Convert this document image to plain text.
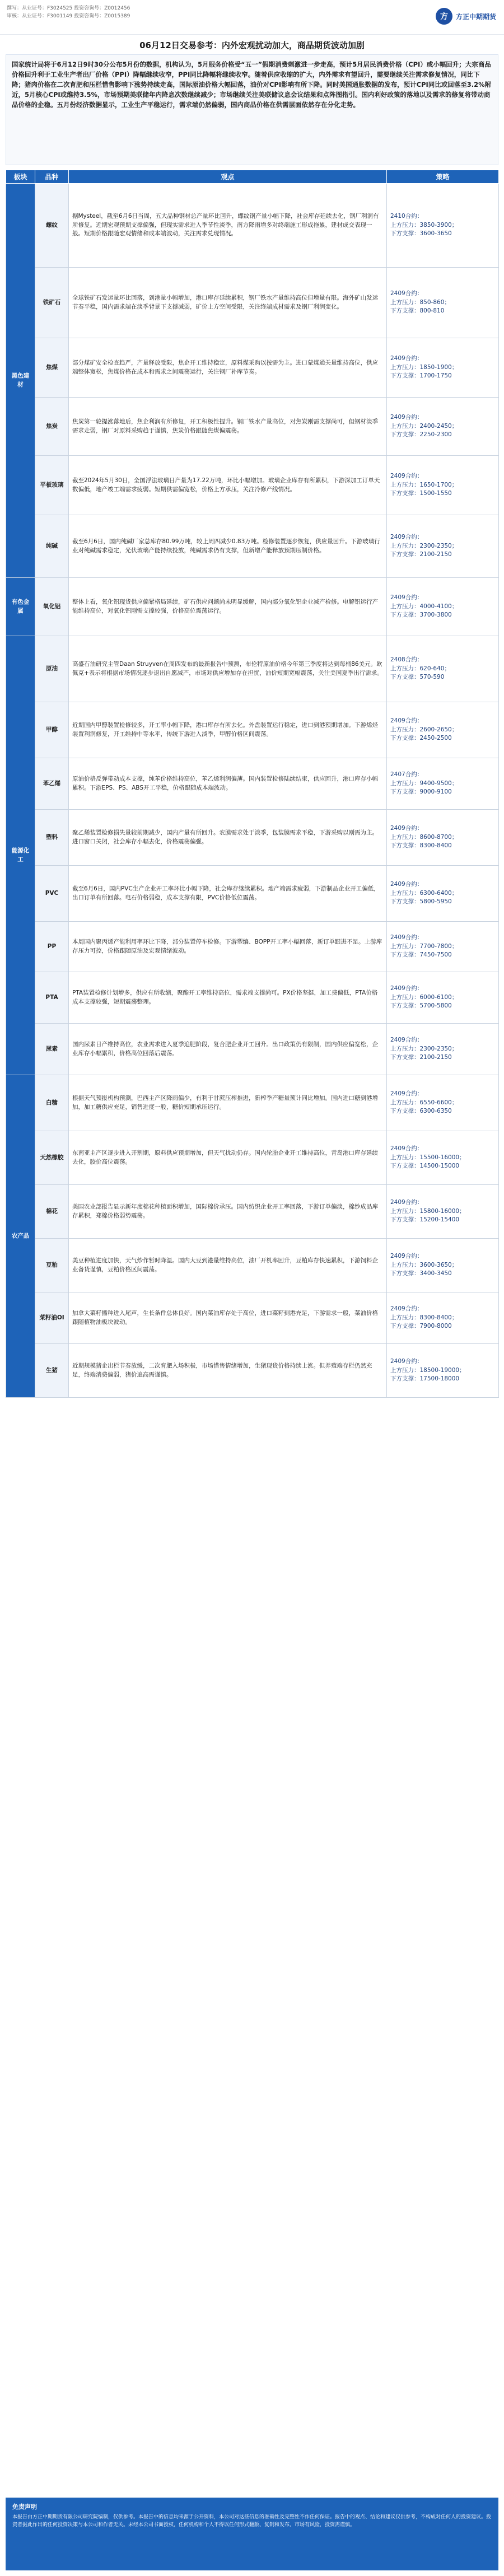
撰写：从业证号：F3024525 投资咨询号：Z0012456
审核：从业证号：F3001149 投资咨询号：Z0015389	方	方正中期期货
06月12日交易参考：内外宏观扰动加大，商品期货波动加剧
国家统计局将于6月12日9时30分公布5月份的数据，机构认为，5月服务价格受“五一”假期消费刺激进一步走高，预计5月居民消费价格（CPI）或小幅回升；大宗商品价格回升利于工业生产者出厂价格（PPI）降幅继续收窄，PPI同比降幅将继续收窄。随着供应收缩的扩大，内外需求有望回升，需要继续关注需求修复情况，同比下降；猪肉价格在二次育肥和压栏惜售影响下涨势持续走高，国际原油价格大幅回落，油价对CPI影响有所下降。同时美国通胀数据的发布，预计CPI同比或回落至3.2%附近，5月核心CPI或维持3.5%，市场预期美联储年内降息次数继续减少；市场继续关注美联储议息会议结果和点阵图指引。国内利好政策的落地以及需求的修复将带动商品价格的企稳。五月份经济数据显示，工业生产平稳运行，需求端仍然偏弱，国内商品价格在供需层面依然存在分化走势。
板块	品种	观点	策略
黑色建材	螺纹	据Mysteel，截至6月6日当周，五大品种钢材总产量环比回升，螺纹钢产量小幅下降，社会库存延续去化，钢厂利润有所修复。近期宏观预期支撑偏强，但现实需求进入季节性淡季，南方降雨增多对终端施工形成拖累，建材成交表现一般。短期价格跟随宏观情绪和成本端波动，关注需求兑现情况。	2410合约：
上方压力：3850-3900；
下方支撑：3600-3650
	铁矿石	全球铁矿石发运量环比回落，到港量小幅增加，港口库存延续累积，钢厂铁水产量维持高位但增量有限。海外矿山发运节奏平稳，国内需求端在淡季背景下支撑减弱，矿价上方空间受限，关注终端成材需求及钢厂利润变化。	2409合约：
上方压力：850-860；
下方支撑：800-810
	焦煤	部分煤矿安全检查趋严，产量释放受限，焦企开工维持稳定，原料煤采购以按需为主。进口蒙煤通关量维持高位，供应端整体宽松，焦煤价格在成本和需求之间震荡运行，关注钢厂补库节奏。	2409合约：
上方压力：1850-1900；
下方支撑：1700-1750
	焦炭	焦炭第一轮提涨落地后，焦企利润有所修复，开工积极性提升。钢厂铁水产量高位，对焦炭刚需支撑尚可，但钢材淡季需求走弱，钢厂对原料采购趋于谨慎，焦炭价格跟随焦煤偏震荡。	2409合约：
上方压力：2400-2450；
下方支撑：2250-2300
	平板玻璃	截至2024年5月30日，全国浮法玻璃日产量为17.22万吨，环比小幅增加。玻璃企业库存有所累积，下游深加工订单天数偏低，地产竣工端需求疲弱。短期供需偏宽松，价格上方承压，关注冷修产线情况。	2409合约：
上方压力：1650-1700；
下方支撑：1500-1550
	纯碱	截至6月6日，国内纯碱厂家总库存80.99万吨，较上周四减少0.83万吨。检修装置逐步恢复，供应量回升。下游玻璃行业对纯碱需求稳定，光伏玻璃产能持续投放，纯碱需求仍有支撑，但新增产能释放预期压制价格。	2409合约：
上方压力：2300-2350；
下方支撑：2100-2150
有色金属	氧化铝	整体上看，氧化铝现货供应偏紧格局延续，矿石供应问题尚未明显缓解，国内部分氧化铝企业减产检修。电解铝运行产能维持高位，对氧化铝刚需支撑较强，价格高位震荡运行。	2409合约：
上方压力：4000-4100；
下方支撑：3700-3800
能源化工	原油	高盛石油研究主管Daan Struyven在周四发布的最新报告中预测，布伦特原油价格今年第三季度将达到每桶86美元。欧佩克+表示将根据市场情况逐步退出自愿减产，市场对供应增加存在担忧，油价短期宽幅震荡，关注美国夏季出行需求。	2408合约：
上方压力：620-640；
下方支撑：570-590
	甲醇	近期国内甲醇装置检修较多，开工率小幅下降，港口库存有所去化。外盘装置运行稳定，进口到港预期增加。下游烯烃装置利润修复，开工维持中等水平，传统下游进入淡季，甲醇价格区间震荡。	2409合约：
上方压力：2600-2650；
下方支撑：2450-2500
	苯乙烯	原油价格反弹带动成本支撑，纯苯价格维持高位，苯乙烯利润偏薄。国内装置检修陆续结束，供应回升，港口库存小幅累积。下游EPS、PS、ABS开工平稳，价格跟随成本端波动。	2407合约：
上方压力：9400-9500；
下方支撑：9000-9100
	塑料	聚乙烯装置检修损失量较前期减少，国内产量有所回升。农膜需求处于淡季，包装膜需求平稳，下游采购以刚需为主。进口窗口关闭，社会库存小幅去化，价格震荡偏强。	2409合约：
上方压力：8600-8700；
下方支撑：8300-8400
	PVC	截至6月6日，国内PVC生产企业开工率环比小幅下降，社会库存继续累积。地产端需求疲弱，下游制品企业开工偏低，出口订单有所回落。电石价格弱稳，成本支撑有限，PVC价格低位震荡。	2409合约：
上方压力：6300-6400；
下方支撑：5800-5950
	PP	本周国内聚丙烯产能利用率环比下降，部分装置停车检修。下游塑编、BOPP开工率小幅回落，新订单跟进不足。上游库存压力可控，价格跟随原油及宏观情绪波动。	2409合约：
上方压力：7700-7800；
下方支撑：7450-7500
	PTA	PTA装置检修计划增多，供应有所收缩，聚酯开工率维持高位，需求端支撑尚可。PX价格坚挺，加工费偏低，PTA价格成本支撑较强，短期震荡整理。	2409合约：
上方压力：6000-6100；
下方支撑：5700-5800
	尿素	国内尿素日产维持高位，农业需求进入夏季追肥阶段，复合肥企业开工回升。出口政策仍有限制，国内供应偏宽松，企业库存小幅累积，价格高位回落后震荡。	2409合约：
上方压力：2300-2350；
下方支撑：2100-2150
农产品	白糖	根据天气预报机构预测，巴西主产区降雨偏少，有利于甘蔗压榨推进，新榨季产糖量预计同比增加。国内进口糖到港增加，加工糖供应充足，销售进度一般，糖价短期承压运行。	2409合约：
上方压力：6550-6600；
下方支撑：6300-6350
	天然橡胶	东南亚主产区逐步进入开割期，原料供应预期增加，但天气扰动仍存。国内轮胎企业开工维持高位，青岛港口库存延续去化，胶价高位震荡。	2409合约：
上方压力：15500-16000；
下方支撑：14500-15000
	棉花	美国农业部报告显示新年度棉花种植面积增加，国际棉价承压。国内纺织企业开工率回落，下游订单偏淡，棉纱成品库存累积，郑棉价格弱势震荡。	2409合约：
上方压力：15800-16000；
下方支撑：15200-15400
	豆粕	美豆种植进度加快，天气炒作暂时降温。国内大豆到港量维持高位，油厂开机率回升，豆粕库存快速累积，下游饲料企业备货谨慎，豆粕价格区间震荡。	2409合约：
上方压力：3600-3650；
下方支撑：3400-3450
	菜籽油OI	加拿大菜籽播种进入尾声，生长条件总体良好。国内菜油库存处于高位，进口菜籽到港充足，下游需求一般，菜油价格跟随植物油板块波动。	2409合约：
上方压力：8300-8400；
下方支撑：7900-8000
	生猪	近期规模猪企出栏节奏放缓，二次育肥入场积极，市场惜售情绪增加，生猪现货价格持续上涨。但养殖端存栏仍然充足，终端消费偏弱，猪价追高需谨慎。	2409合约：
上方压力：18500-19000；
下方支撑：17500-18000
免责声明
本报告由方正中期期货有限公司研究院编制，仅供参考。本报告中的信息均来源于公开资料，本公司对这些信息的准确性及完整性不作任何保证。报告中的观点、结论和建议仅供参考，不构成对任何人的投资建议。投资者据此作出的任何投资决策与本公司和作者无关。未经本公司书面授权，任何机构和个人不得以任何形式翻版、复制和发布。市场有风险，投资需谨慎。
